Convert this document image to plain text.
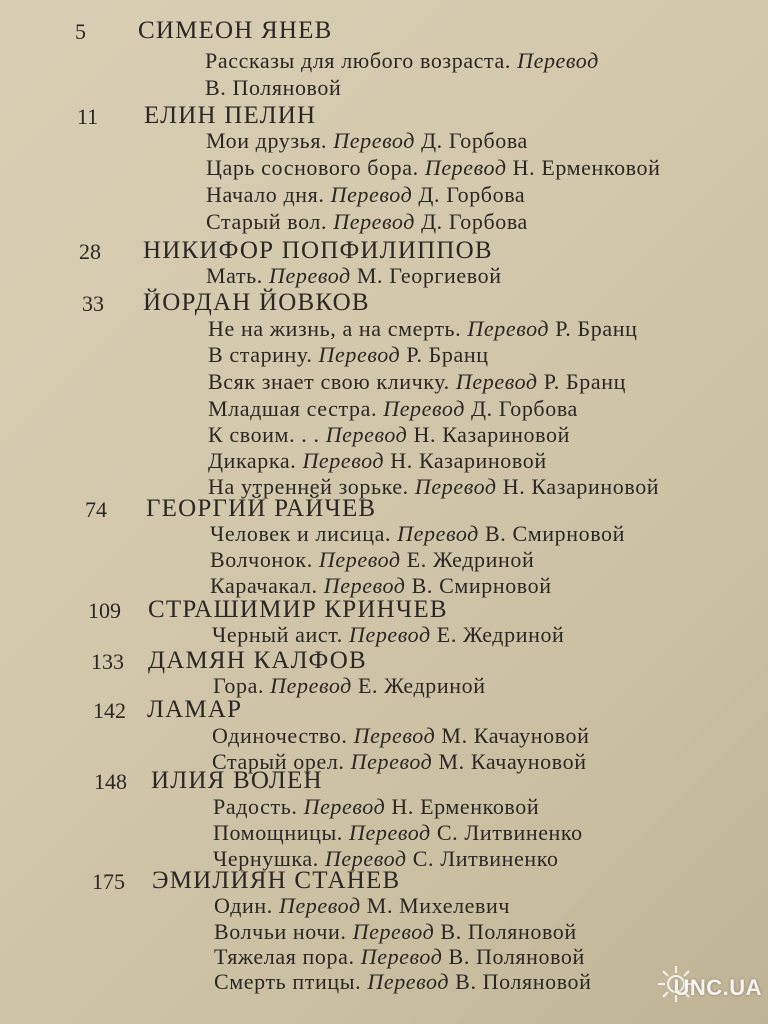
5 СИМЕОН ЯНЕВ
Рассказы для любого возраста. Перевод
В. Поляновой
11 ЕЛИН ПЕЛИН
Мои друзья. Перевод Д. Горбова
Царь соснового бора. Перевод Н. Ерменковой
Начало дня. Перевод Д. Горбова
Старый вол. Перевод Д. Горбова
28 НИКИФОР ПОПФИЛИППОВ
Мать. Перевод М. Георгиевой
33 ЙОРДАН ЙОВКОВ
Не на жизнь, а на смерть. Перевод Р. Бранц
В старину. Перевод Р. Бранц
Всяк знает свою кличку. Перевод Р. Бранц
Младшая сестра. Перевод Д. Горбова
К своим. . . Перевод Н. Казариновой
Дикарка. Перевод Н. Казариновой
На утренней зорьке. Перевод Н. Казариновой
74 ГЕОРГИЙ РАЙЧЕВ
Человек и лисица. Перевод В. Смирновой
Волчонок. Перевод Е. Жедриной
Карачакал. Перевод В. Смирновой
109 СТРАШИМИР КРИНЧЕВ
Черный аист. Перевод Е. Жедриной
133 ДАМЯН КАЛФОВ
Гора. Перевод Е. Жедриной
142 ЛАМАР
Одиночество. Перевод М. Качауновой
Старый орел. Перевод М. Качауновой
148 ИЛИЯ ВОЛЕН
Радость. Перевод Н. Ерменковой
Помощницы. Перевод С. Литвиненко
Чернушка. Перевод С. Литвиненко
175 ЭМИЛИЯН СТАНЕВ
Один. Перевод М. Михелевич
Волчьи ночи. Перевод В. Поляновой
Тяжелая пора. Перевод В. Поляновой
Смерть птицы. Перевод В. Поляновой	UNC.UA
